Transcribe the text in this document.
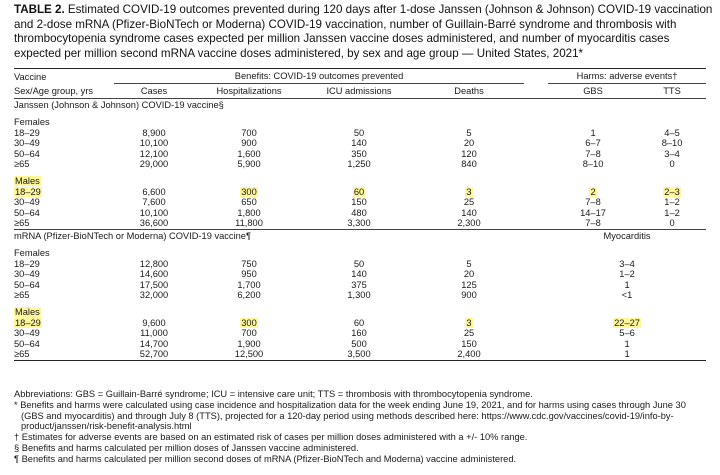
TABLE 2. Estimated COVID-19 outcomes prevented during 120 days after 1-dose Janssen (Johnson & Johnson) COVID-19 vaccination and 2-dose mRNA (Pfizer-BioNTech or Moderna) COVID-19 vaccination, number of Guillain-Barré syndrome and thrombosis with thrombocytopenia syndrome cases expected per million Janssen vaccine doses administered, and number of myocarditis cases expected per million second mRNA vaccine doses administered, by sex and age group — United States, 2021*
Vaccine	Benefits: COVID-19 outcomes prevented					Harms: adverse events†	
Sex/Age group, yrs	Cases	Hospitalizations	ICU admissions	Deaths		GBS	TTS
Janssen (Johnson & Johnson) COVID-19 vaccine§							

Females							
18–29	8,900	700	50	5		1	4–5
30–49	10,100	900	140	20		6–7	8–10
50–64	12,100	1,600	350	120		7–8	3–4
≥65	29,000	5,900	1,250	840		8–10	0

Males							
18–29	6,600	300	60	3		2	2–3
30–49	7,600	650	150	25		7–8	1–2
50–64	10,100	1,800	480	140		14–17	1–2
≥65	36,600	11,800	3,300	2,300		7–8	0
mRNA (Pfizer-BioNTech or Moderna) COVID-19 vaccine¶						Myocarditis	

Females							
18–29	12,800	750	50	5		3–4	
30–49	14,600	950	140	20		1–2	
50–64	17,500	1,700	375	125		1	
≥65	32,000	6,200	1,300	900		<1	

Males							
18–29	9,600	300	60	3		22–27	
30–49	11,000	700	160	25		5–6	
50–64	14,700	1,900	500	150		1	
≥65	52,700	12,500	3,500	2,400		1	
Abbreviations: GBS = Guillain-Barré syndrome; ICU = intensive care unit; TTS = thrombosis with thrombocytopenia syndrome.
* Benefits and harms were calculated using case incidence and hospitalization data for the week ending June 19, 2021, and for harms using cases through June 30
(GBS and myocarditis) and through July 8 (TTS), projected for a 120-day period using methods described here: https://www.cdc.gov/vaccines/covid-19/info-by-
product/janssen/risk-benefit-analysis.html
† Estimates for adverse events are based on an estimated risk of cases per million doses administered with a +/- 10% range.
§ Benefits and harms calculated per million doses of Janssen vaccine administered.
¶ Benefits and harms calculated per million second doses of mRNA (Pfizer-BioNTech and Moderna) vaccine administered.
